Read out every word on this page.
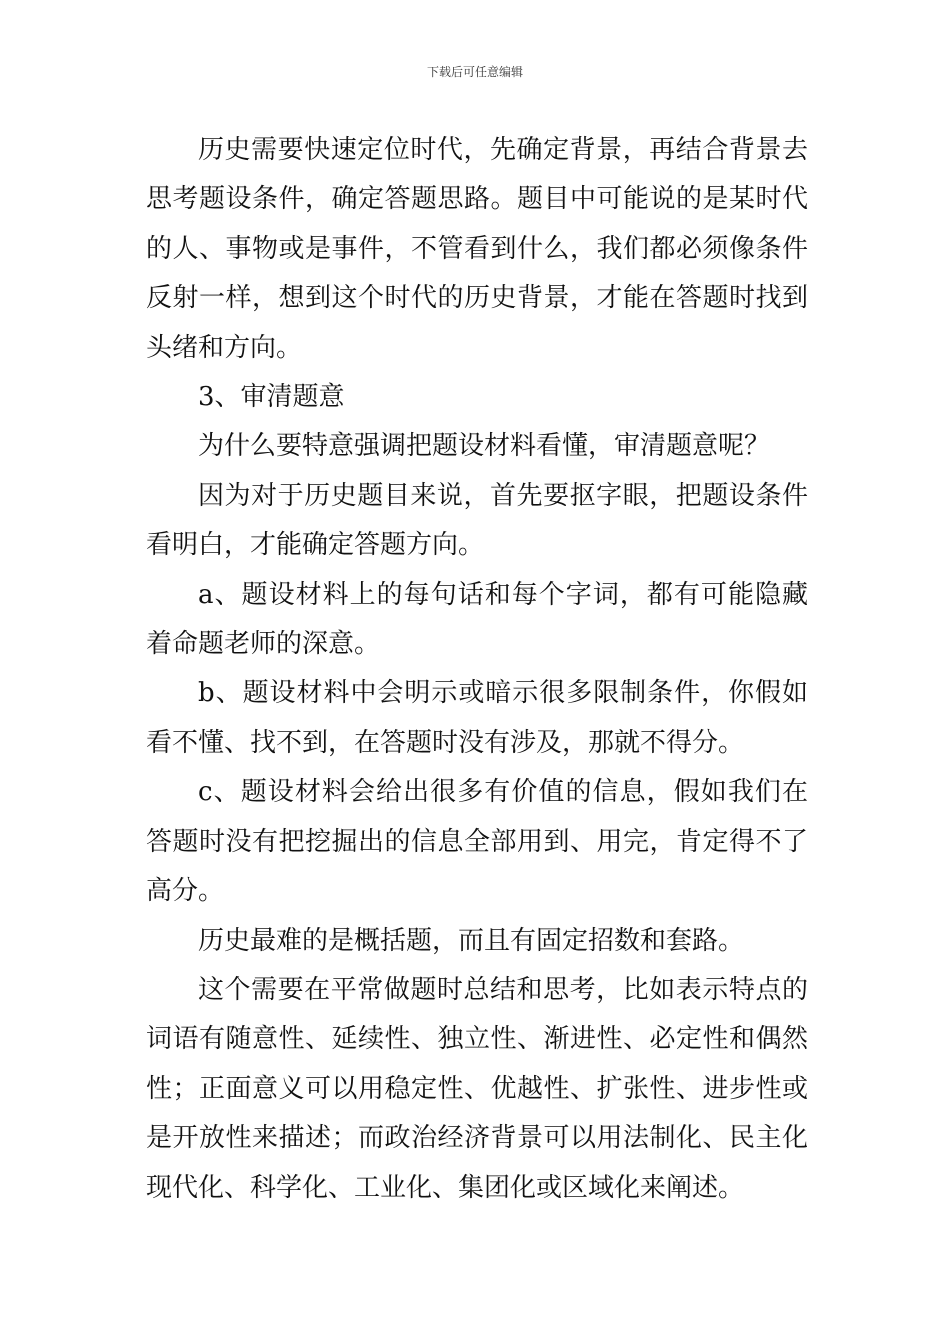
下载后可任意编辑

历史需要快速定位时代，先确定背景，再结合背景去思考题设条件，确定答题思路。题目中可能说的是某时代的人、事物或是事件，不管看到什么，我们都必须像条件反射一样，想到这个时代的历史背景，才能在答题时找到头绪和方向。

3、审清题意

为什么要特意强调把题设材料看懂，审清题意呢？

因为对于历史题目来说，首先要抠字眼，把题设条件看明白，才能确定答题方向。

a、题设材料上的每句话和每个字词，都有可能隐藏着命题老师的深意。

b、题设材料中会明示或暗示很多限制条件，你假如看不懂、找不到，在答题时没有涉及，那就不得分。

c、题设材料会给出很多有价值的信息，假如我们在答题时没有把挖掘出的信息全部用到、用完，肯定得不了高分。

历史最难的是概括题，而且有固定招数和套路。

这个需要在平常做题时总结和思考，比如表示特点的词语有随意性、延续性、独立性、渐进性、必定性和偶然性；正面意义可以用稳定性、优越性、扩张性、进步性或是开放性来描述；而政治经济背景可以用法制化、民主化现代化、科学化、工业化、集团化或区域化来阐述。
